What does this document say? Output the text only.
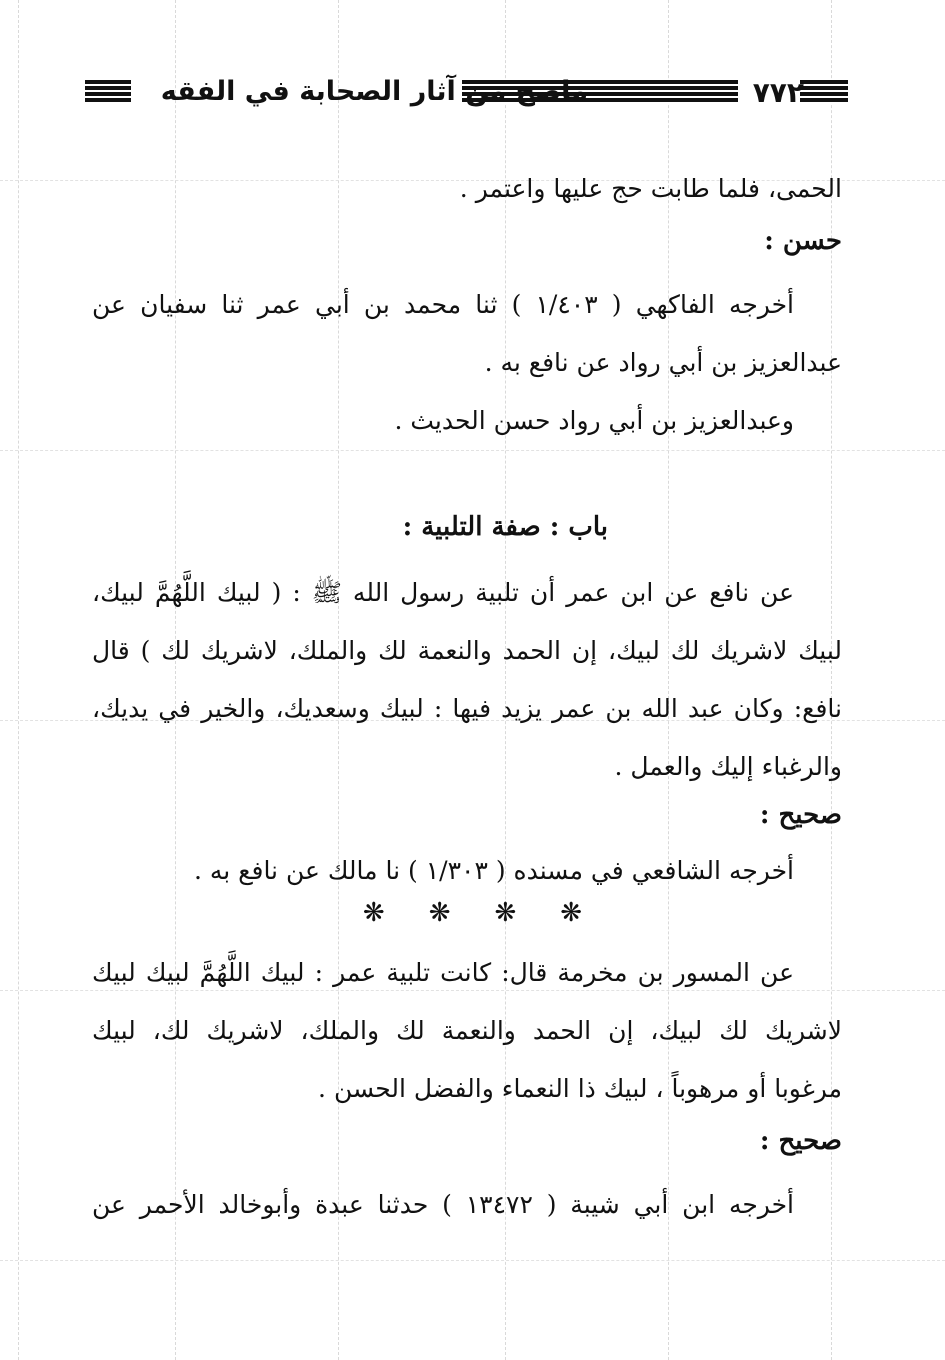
٧٧٢
ماصح من آثار الصحابة في الفقه
الحمى، فلما طابت حج عليها واعتمر .
حسن :
أخرجه الفاكهي ( ١/٤٠٣ ) ثنا محمد بن أبي عمر ثنا سفيان عن
عبدالعزيز بن أبي رواد عن نافع به .
وعبدالعزيز بن أبي رواد حسن الحديث .
باب : صفة التلبية :
عن نافع عن ابن عمر أن تلبية رسول الله ﷺ : ( لبيك اللَّهُمَّ لبيك،
لبيك لاشريك لك لبيك، إن الحمد والنعمة لك والملك، لاشريك لك ) قال
نافع: وكان عبد الله بن عمر يزيد فيها : لبيك وسعديك، والخير في يديك،
والرغباء إليك والعمل .
صحيح :
أخرجه الشافعي في مسنده ( ١/٣٠٣ ) نا مالك عن نافع به .
❋❋❋❋
عن المسور بن مخرمة قال: كانت تلبية عمر : لبيك اللَّهُمَّ لبيك لبيك
لاشريك لك لبيك، إن الحمد والنعمة لك والملك، لاشريك لك، لبيك
مرغوبا أو مرهوباً ، لبيك ذا النعماء والفضل الحسن .
صحيح :
أخرجه ابن أبي شيبة ( ١٣٤٧٢ ) حدثنا عبدة وأبوخالد الأحمر عن
